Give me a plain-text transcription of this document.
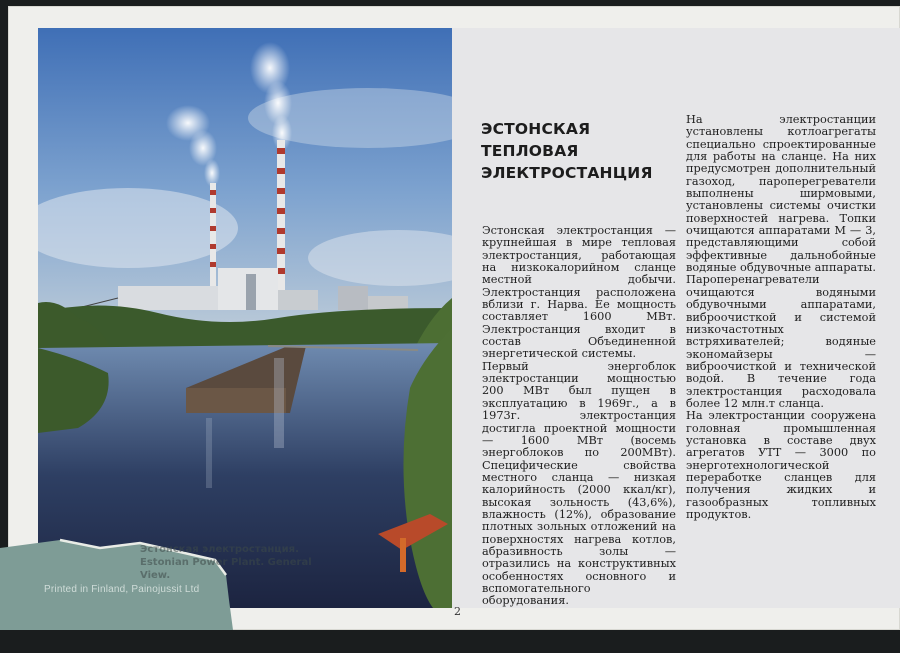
ЭСТОНСКАЯ
ТЕПЛОВАЯ
ЭЛЕКТРОСТАНЦИЯ

Эстонская электростанция — крупнейшая в мире тепловая электростанция, работающая на низкокалорийном сланце местной добычи. Электростанция расположена вблизи г. Нарва. Ее мощность составляет 1600 МВт. Электростанция входит в состав Объединенной энергетической системы.

Первый энергоблок электростанции мощностью 200 МВт был пущен в эксплуатацию в 1969г., а в 1973г. электростанция достигла проектной мощности — 1600 МВт (восемь энергоблоков по 200МВт). Специфические свойства местного сланца — низкая калорийность (2000 ккал/кг), высокая зольность (43,6%), влажность (12%), образование плотных зольных отложений на поверхностях нагрева котлов, абразивность золы — отразились на конструктивных особенностях основного и вспомогательного оборудования.

На электростанции установлены котлоагрегаты специально спроектированные для работы на сланце. На них предусмотрен дополнительный газоход, пароперегреватели выполнены ширмовыми, установлены системы очистки поверхностей нагрева. Топки очищаются аппаратами М — 3, представляющими собой эффективные дальнобойные водяные обдувочные аппараты.

Пароперенагреватели очищаются водяными обдувочными аппаратами, виброочисткой и системой низкочастотных встряхивателей; водяные экономайзеры — виброочисткой и технической водой. В течение года электростанция расходовала более 12 млн.т сланца.

На электростанции сооружена головная промышленная установка в составе двух агрегатов УТТ — 3000 по энерготехнологической переработке сланцев для получения жидких и газообразных топливных продуктов.

Эстонская электростанция.

Estonian Power Plant. General View.

Printed in Finland, Painojussit Ltd
2
